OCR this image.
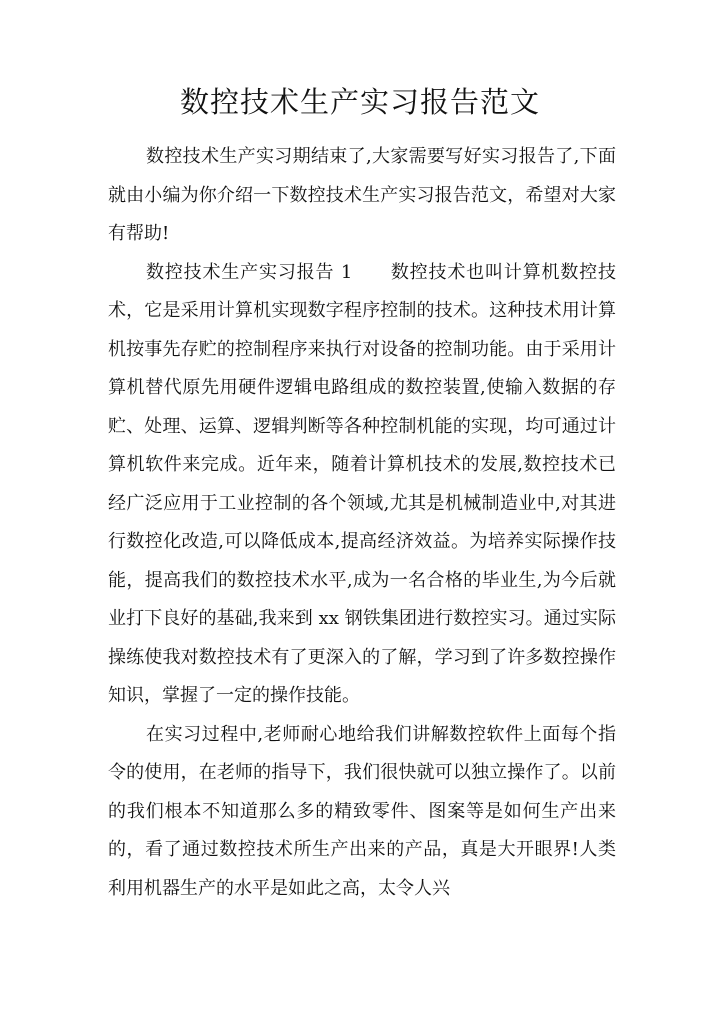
数控技术生产实习报告范文

数控技术生产实习期结束了,大家需要写好实习报告了,下面就由小编为你介绍一下数控技术生产实习报告范文，希望对大家有帮助!

数控技术生产实习报告 1　　数控技术也叫计算机数控技术，它是采用计算机实现数字程序控制的技术。这种技术用计算机按事先存贮的控制程序来执行对设备的控制功能。由于采用计算机替代原先用硬件逻辑电路组成的数控装置,使输入数据的存贮、处理、运算、逻辑判断等各种控制机能的实现，均可通过计算机软件来完成。近年来，随着计算机技术的发展,数控技术已经广泛应用于工业控制的各个领域,尤其是机械制造业中,对其进行数控化改造,可以降低成本,提高经济效益。为培养实际操作技能，提高我们的数控技术水平,成为一名合格的毕业生,为今后就业打下良好的基础,我来到 xx 钢铁集团进行数控实习。通过实际操练使我对数控技术有了更深入的了解，学习到了许多数控操作知识，掌握了一定的操作技能。

在实习过程中,老师耐心地给我们讲解数控软件上面每个指令的使用，在老师的指导下，我们很快就可以独立操作了。以前的我们根本不知道那么多的精致零件、图案等是如何生产出来的，看了通过数控技术所生产出来的产品，真是大开眼界!人类利用机器生产的水平是如此之高，太令人兴
